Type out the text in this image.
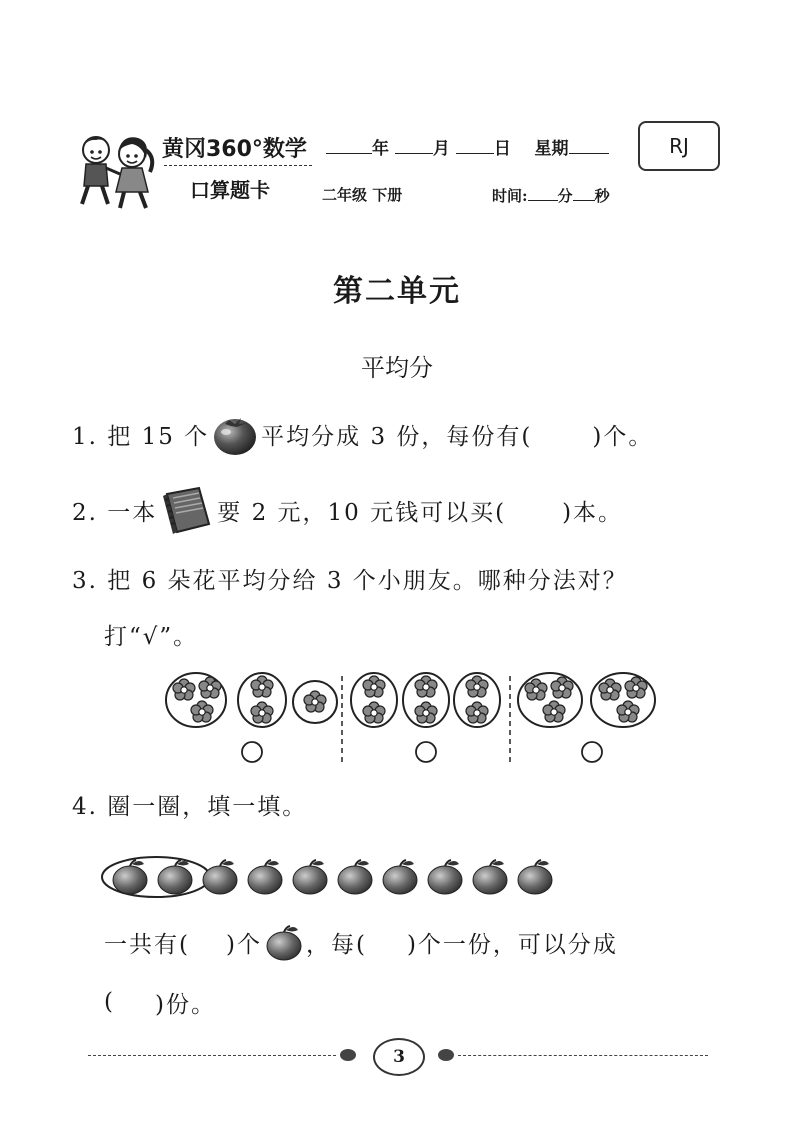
黄冈360°数学
口算题卡
年	月	日 星期	RJ
二年级 下册	时间: 分 秒
第二单元
平均分
1. 把 15 个 平均分成 3 份，每份有(	)个。
2. 一本	要 2 元，10 元钱可以买( )本。
3. 把 6 朵花平均分给 3 个小朋友。哪种分法对？
打“√”。
4. 圈一圈，填一填。
一共有( )个 ，每( )个一份，可以分成
( )份。
3
